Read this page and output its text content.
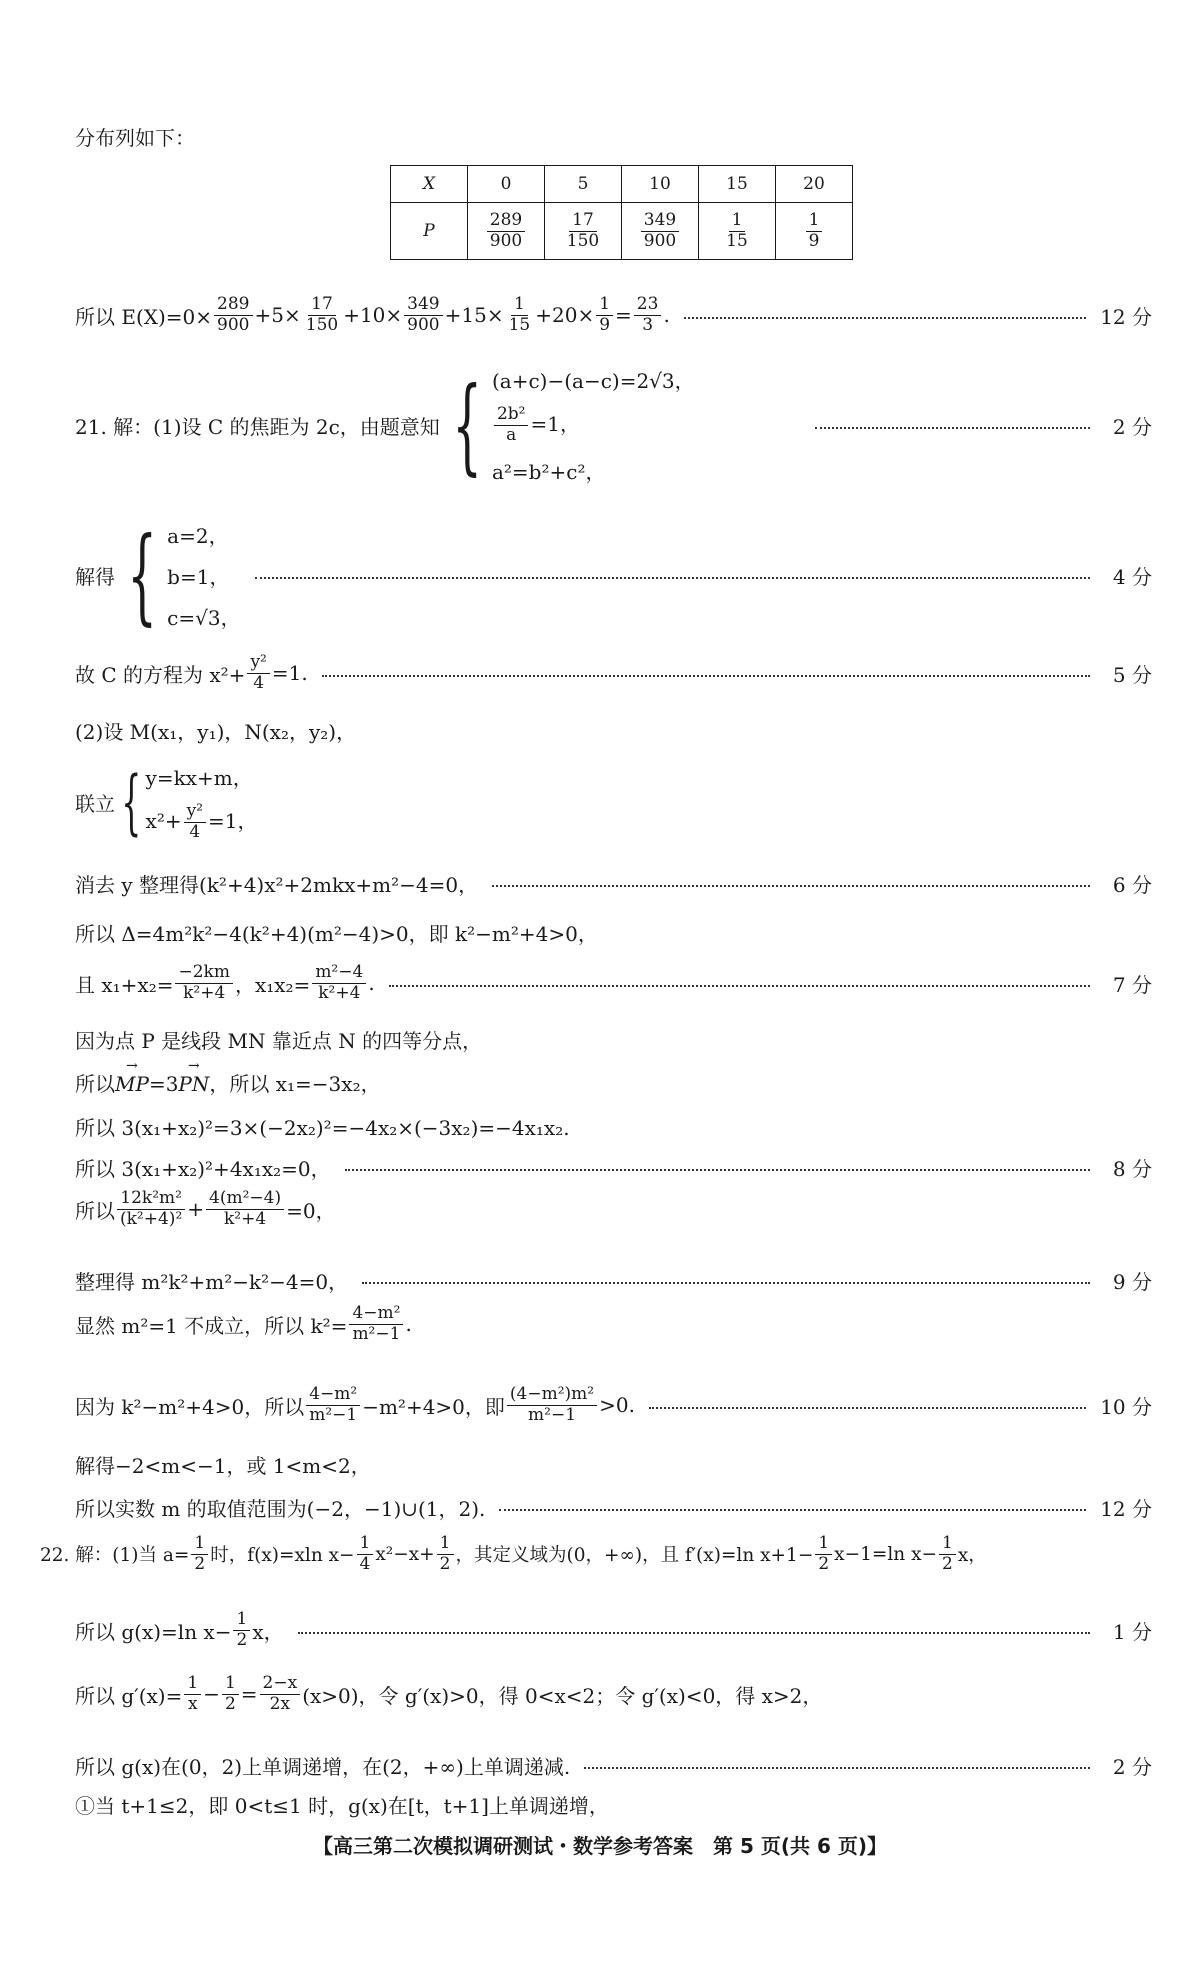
分布列如下：
X	0	5	10	15	20
P	$\frac{289}{900}$	$\frac{17}{150}$	$\frac{349}{900}$	$\frac{1}{15}$	$\frac{1}{9}$
所以 $E(X)=0\times \frac{289}{900} +5\times \frac{17}{150} +10\times \frac{349}{900} +15\times \frac{1}{15} +20\times \frac{1}{9} = \frac{23}{3}$ .	12 分
21. 解：(1)设 C 的焦距为 2c，由题意知 { (a+c)−(a−c)=2√3，
$\frac{\text{2b²}}{a} =1$，
a²=b²+c²，
2 分
解得 { a=2，
b=1，
c=√3，
4 分
故 C 的方程为 $x^2+ \frac{\text{y²}}{4} =1$.	5 分
(2)设 M(x₁，y₁)，N(x₂，y₂)，
联立 { y=kx+m，
$x^2+ \frac{\text{y²}}{4} =1$，
消去 y 整理得(k²+4)x²+2mkx+m²−4=0，	6 分
所以 Δ=4m²k²−4(k²+4)(m²−4)>0，即 k²−m²+4>0，
且 $x_1+x_2= \frac{-2km}{\text{k²+4}}$ ，$x_1x_2= \frac{\text{m²−4}}{\text{k²+4}}$ .	7 分
因为点 P 是线段 MN 靠近点 N 的四等分点，
所以→ MP=3→ PN，所以 x₁=−3x₂，
所以 3(x₁+x₂)²=3×(−2x₂)²=−4x₂×(−3x₂)=−4x₁x₂.
所以 3(x₁+x₂)²+4x₁x₂=0，	8 分
所以 $\frac{\text{12k²m²}}{\text{(k²+4)²}} + \frac{\text{4(m²−4)}}{\text{k²+4}} =0$，
整理得 m²k²+m²−k²−4=0，	9 分
显然 m²=1 不成立，所以 $k^2= \frac{\text{4−m²}}{\text{m²−1}}$ .
因为 k²−m²+4>0，所以 $\frac{\text{4−m²}}{\text{m²−1}} -m^2+4>0$，即 $\frac{\text{(4−m²)m²}}{\text{m²−1}} >0$.	10 分
解得−2<m<−1，或 1<m<2，
所以实数 m 的取值范围为(−2，−1)∪(1，2).	12 分
22. 解：(1)当 $a= \frac{1}{2}$ 时，f(x)=xln $x- \frac{1}{4} x^2-x+ \frac{1}{2}$ ，其定义域为(0，+∞)，且 f′(x)=ln $x+1- \frac{1}{2} x-1=\ln$ $x- \frac{1}{2}$ x，
所以 g(x)=ln $x- \frac{1}{2}$ x，	1 分
所以 $g'(x)= \frac{1}{x} - \frac{1}{2} = \frac{2-x}{2x} (x>0)$，令 g′(x)>0，得 0<x<2；令 g′(x)<0，得 x>2，
所以 g(x)在(0，2)上单调递增，在(2，+∞)上单调递减.	2 分
①当 t+1≤2，即 0<t≤1 时，g(x)在[t，t+1]上单调递增，
【高三第二次模拟调研测试・数学参考答案　第 5 页(共 6 页)】
